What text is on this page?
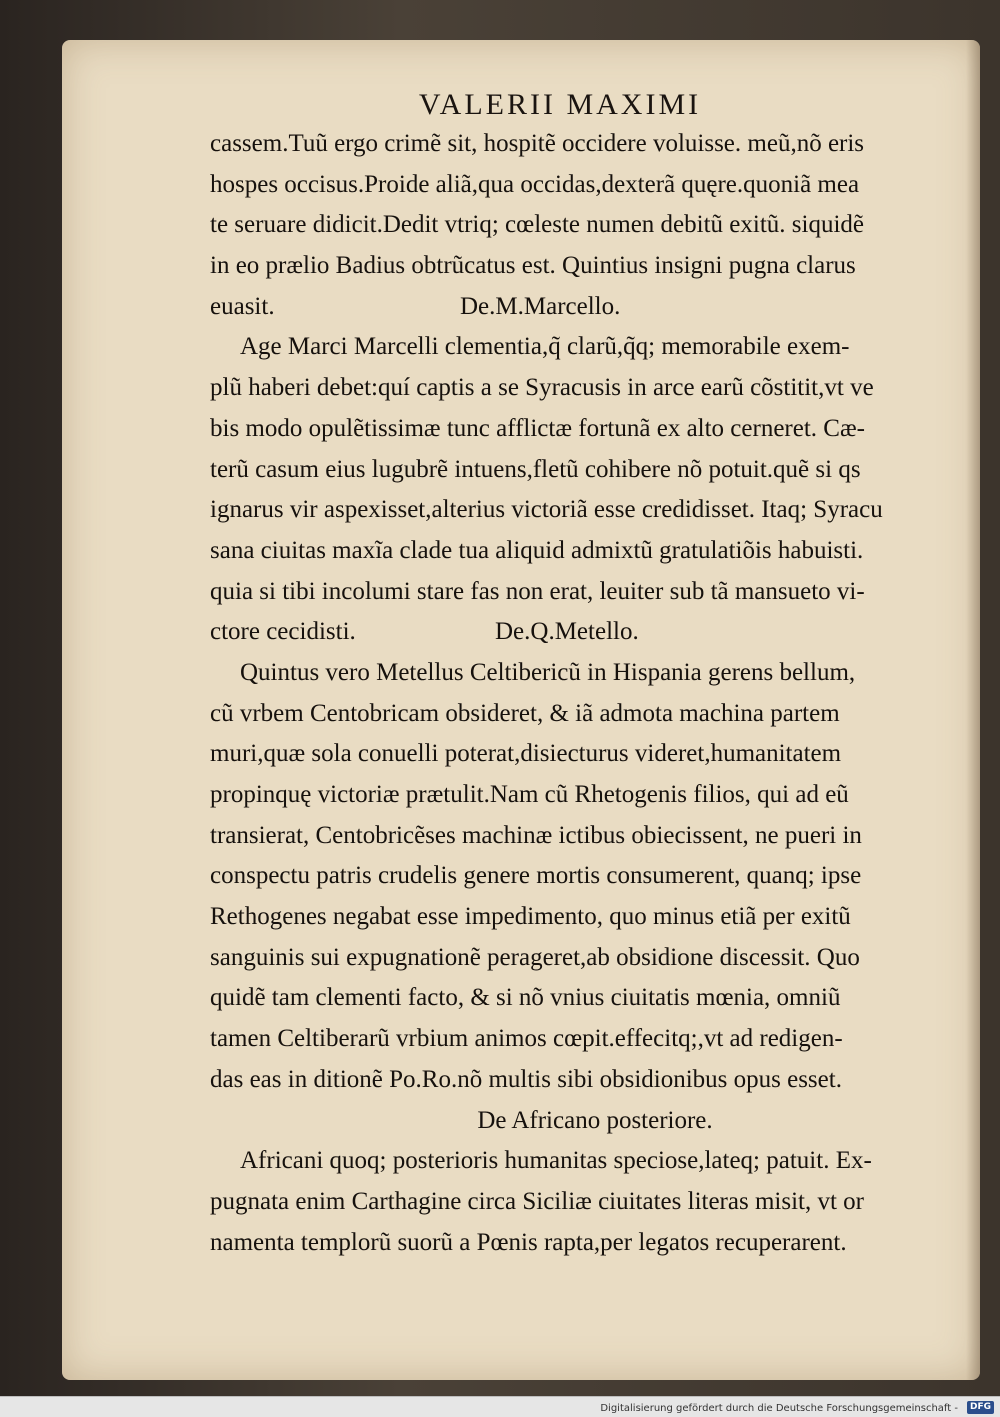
VALERII MAXIMI
cassem.Tuũ ergo crimẽ sit, hospitẽ occidere voluisse. meũ,nõ eris
hospes occisus.Proide aliã,qua occidas,dexterã quęre.quoniã mea
te seruare didicit.Dedit vtriq; cœleste numen debitũ exitũ. siquidẽ
in eo prælio Badius obtrũcatus est. Quintius insigni pugna clarus
euasit.	De.M.Marcello.
Age Marci Marcelli clementia,q̃ clarũ,q̃q; memorabile exem-
plũ haberi debet:quí captis a se Syracusis in arce earũ cõstitit,vt ve
bis modo opulẽtissimæ tunc afflictæ fortunã ex alto cerneret. Cæ-
terũ casum eius lugubrẽ intuens,fletũ cohibere nõ potuit.quẽ si qs
ignarus vir aspexisset,alterius victoriã esse credidisset. Itaq; Syracu
sana ciuitas maxĩa clade tua aliquid admixtũ gratulatiõis habuisti.
quia si tibi incolumi stare fas non erat, leuiter sub tã mansueto vi-
ctore cecidisti.	De.Q.Metello.
Quintus vero Metellus Celtibericũ in Hispania gerens bellum,
cũ vrbem Centobricam obsideret, & iã admota machina partem
muri,quæ sola conuelli poterat,disiecturus videret,humanitatem
propinquę victoriæ prætulit.Nam cũ Rhetogenis filios, qui ad eũ
transierat, Centobricẽses machinæ ictibus obiecissent, ne pueri in
conspectu patris crudelis genere mortis consumerent, quanq; ipse
Rethogenes negabat esse impedimento, quo minus etiã per exitũ
sanguinis sui expugnationẽ perageret,ab obsidione discessit. Quo
quidẽ tam clementi facto, & si nõ vnius ciuitatis mœnia, omniũ
tamen Celtiberarũ vrbium animos cœpit.effecitq;,vt ad redigen-
das eas in ditionẽ Po.Ro.nõ multis sibi obsidionibus opus esset.
De Africano posteriore.
Africani quoq; posterioris humanitas speciose,lateq; patuit. Ex-
pugnata enim Carthagine circa Siciliæ ciuitates literas misit, vt or
namenta templorũ suorũ a Pœnis rapta,per legatos recuperarent.
Digitalisierung gefördert durch die Deutsche Forschungsgemeinschaft -	DFG
